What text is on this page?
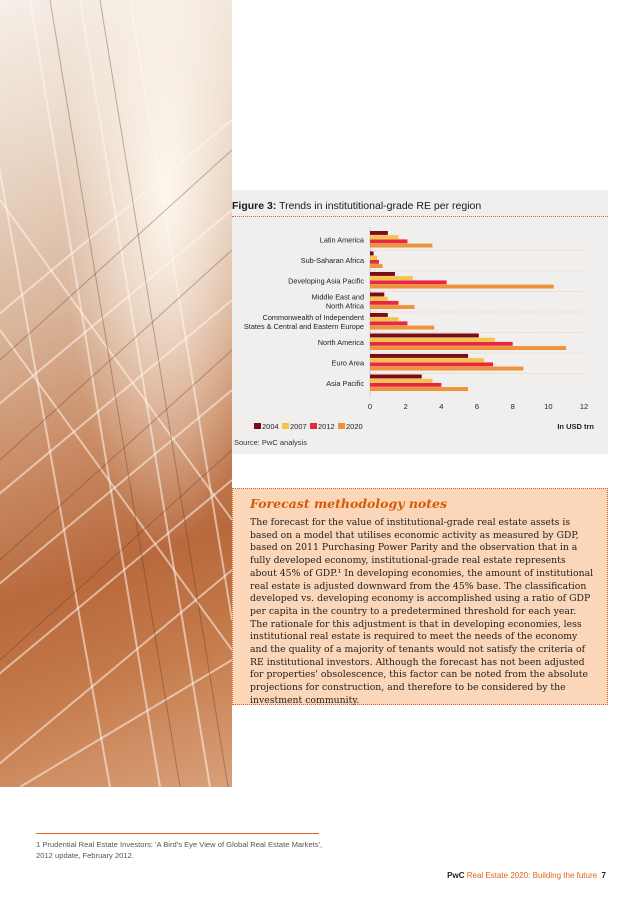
Figure 3: Trends in institutitional-grade RE per region
Latin America
Sub-Saharan Africa
Developing Asia Pacific
Middle East and
North Africa
Commonwealth of Independent
States & Central and Eastern Europe
North America
Euro Area
Asia Pacific
0	2	4	6	8	10	12
2004 2007 2012 2020	In USD trn
Source: PwC analysis
Forecast methodology notes
The forecast for the value of institutional-grade real estate assets is based on a model that utilises economic activity as measured by GDP, based on 2011 Purchasing Power Parity and the observation that in a fully developed economy, institutional-grade real estate represents about 45% of GDP.¹ In developing economies, the amount of institutional real estate is adjusted downward from the 45% base. The classification developed vs. developing economy is accomplished using a ratio of GDP per capita in the country to a predetermined threshold for each year. The rationale for this adjustment is that in developing economies, less institutional real estate is required to meet the needs of the economy and the quality of a majority of tenants would not satisfy the criteria of RE institutional investors. Although the forecast has not been adjusted for properties' obsolescence, this factor can be noted from the absolute projections for construction, and therefore to be considered by the investment community.
1 Prudential Real Estate Investors: 'A Bird's Eye View of Global Real Estate Markets', 2012 update, February 2012.
PwC Real Estate 2020: Building the future 7
